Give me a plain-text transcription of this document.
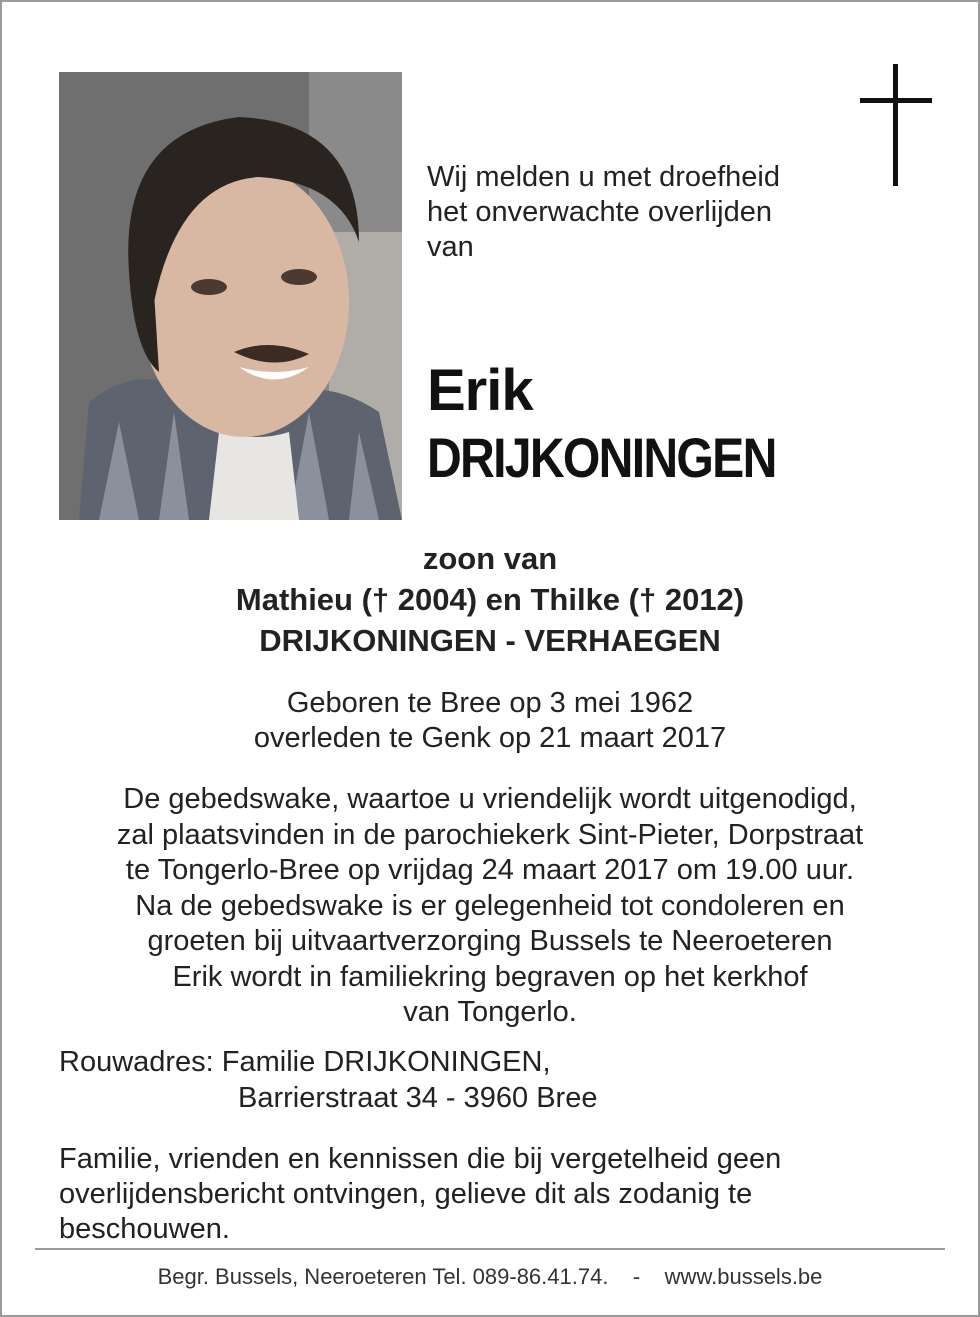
Wij melden u met droefheid
het onverwachte overlijden
van
Erik
DRIJKONINGEN
zoon van
Mathieu († 2004) en Thilke († 2012)
DRIJKONINGEN - VERHAEGEN
Geboren te Bree op 3 mei 1962
overleden te Genk op 21 maart 2017
De gebedswake, waartoe u vriendelijk wordt uitgenodigd,
zal plaatsvinden in de parochiekerk Sint-Pieter, Dorpstraat
te Tongerlo-Bree op vrijdag 24 maart 2017 om 19.00 uur.
Na de gebedswake is er gelegenheid tot condoleren en
groeten bij uitvaartverzorging Bussels te Neeroeteren
Erik wordt in familiekring begraven op het kerkhof
van Tongerlo.
Rouwadres: Familie DRIJKONINGEN,
Barrierstraat 34 - 3960 Bree
Familie, vrienden en kennissen die bij vergetelheid geen
overlijdensbericht ontvingen, gelieve dit als zodanig te
beschouwen.
Begr. Bussels, Neeroeteren Tel. 089-86.41.74.    -    www.bussels.be
